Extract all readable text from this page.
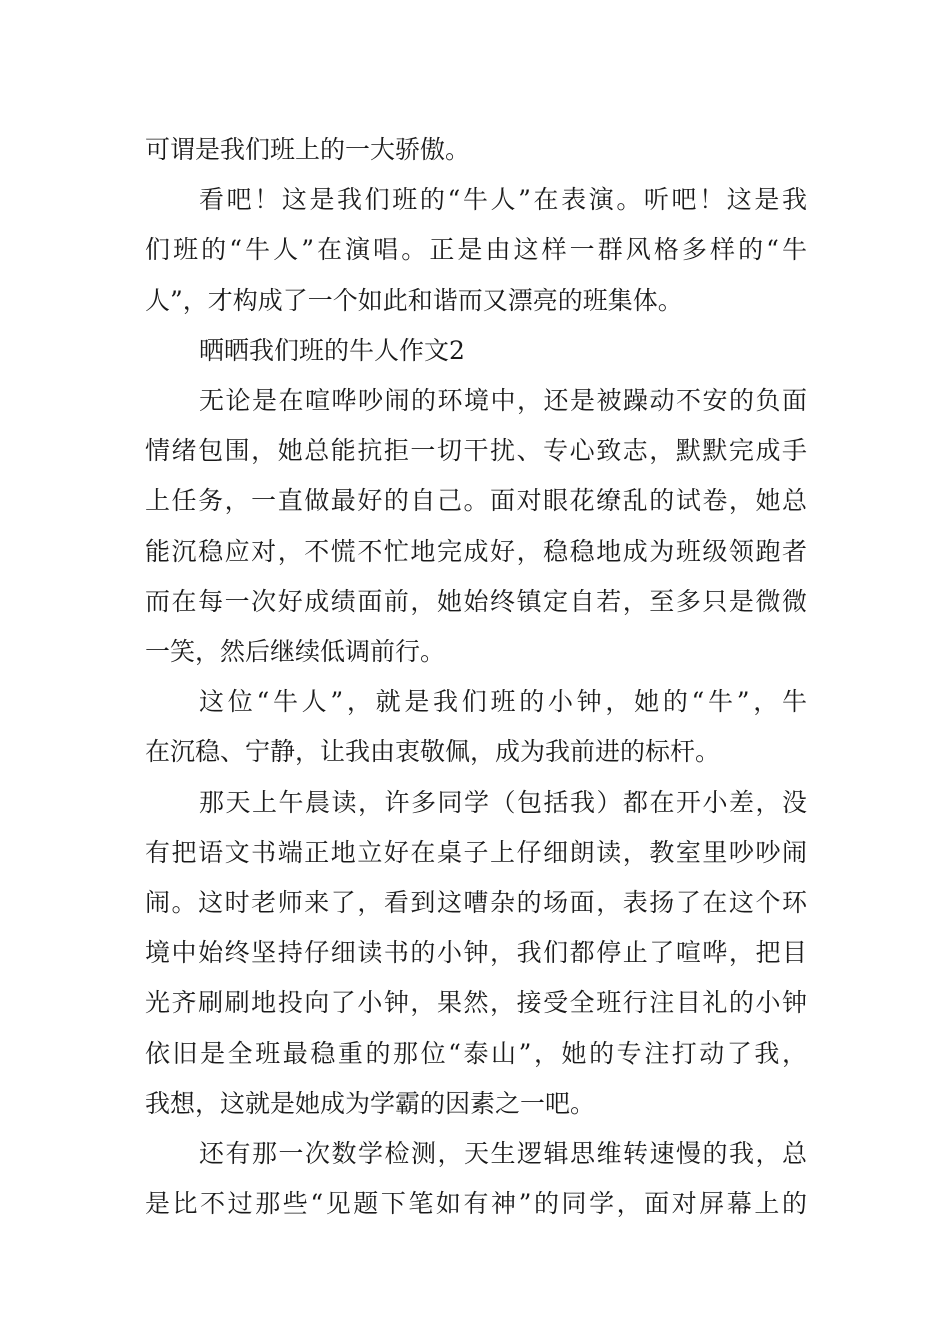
可谓是我们班上的一大骄傲。
看吧！这是我们班的“牛人”在表演。听吧！这是我
们班的“牛人”在演唱。正是由这样一群风格多样的“牛
人”，才构成了一个如此和谐而又漂亮的班集体。
晒晒我们班的牛人作文2
无论是在喧哗吵闹的环境中，还是被躁动不安的负面
情绪包围，她总能抗拒一切干扰、专心致志，默默完成手
上任务，一直做最好的自己。面对眼花缭乱的试卷，她总
能沉稳应对，不慌不忙地完成好，稳稳地成为班级领跑者
而在每一次好成绩面前，她始终镇定自若，至多只是微微
一笑，然后继续低调前行。
这位“牛人”，就是我们班的小钟，她的“牛”，牛
在沉稳、宁静，让我由衷敬佩，成为我前进的标杆。
那天上午晨读，许多同学（包括我）都在开小差，没
有把语文书端正地立好在桌子上仔细朗读，教室里吵吵闹
闹。这时老师来了，看到这嘈杂的场面，表扬了在这个环
境中始终坚持仔细读书的小钟，我们都停止了喧哗，把目
光齐刷刷地投向了小钟，果然，接受全班行注目礼的小钟
依旧是全班最稳重的那位“泰山”，她的专注打动了我，
我想，这就是她成为学霸的因素之一吧。
还有那一次数学检测，天生逻辑思维转速慢的我，总
是比不过那些“见题下笔如有神”的同学，面对屏幕上的
